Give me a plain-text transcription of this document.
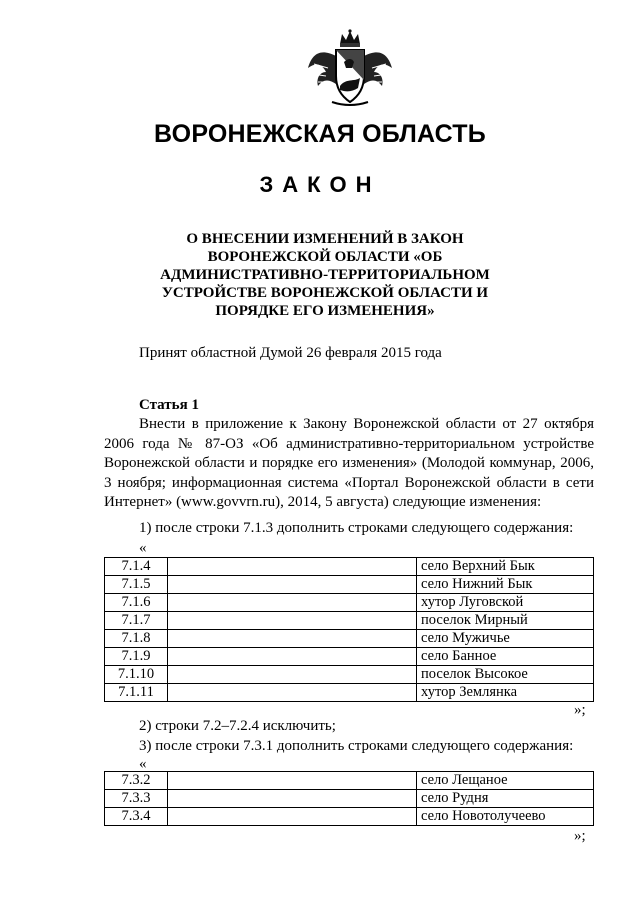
ВОРОНЕЖСКАЯ ОБЛАСТЬ
ЗАКОН
О ВНЕСЕНИИ ИЗМЕНЕНИЙ В ЗАКОН
ВОРОНЕЖСКОЙ ОБЛАСТИ «ОБ
АДМИНИСТРАТИВНО-ТЕРРИТОРИАЛЬНОМ
УСТРОЙСТВЕ ВОРОНЕЖСКОЙ ОБЛАСТИ И
ПОРЯДКЕ ЕГО ИЗМЕНЕНИЯ»
Принят областной Думой 26 февраля 2015 года
Статья 1
Внести в приложение к Закону Воронежской области от 27 октября 2006 года № 87-ОЗ «Об административно-территориальном устройстве Воронежской области и порядке его изменения» (Молодой коммунар, 2006, 3 ноября; информационная система «Портал Воронежской области в сети Интернет» (www.govvrn.ru), 2014, 5 августа) следующие изменения:
1) после строки 7.1.3 дополнить строками следующего содержания:
«
7.1.4		село Верхний Бык
7.1.5		село Нижний Бык
7.1.6		хутор Луговской
7.1.7		поселок Мирный
7.1.8		село Мужичье
7.1.9		село Банное
7.1.10		поселок Высокое
7.1.11		хутор Землянка
»;
2) строки 7.2–7.2.4 исключить;
3) после строки 7.3.1 дополнить строками следующего содержания:
«
7.3.2		село Лещаное
7.3.3		село Рудня
7.3.4		село Новотолучеево
»;
